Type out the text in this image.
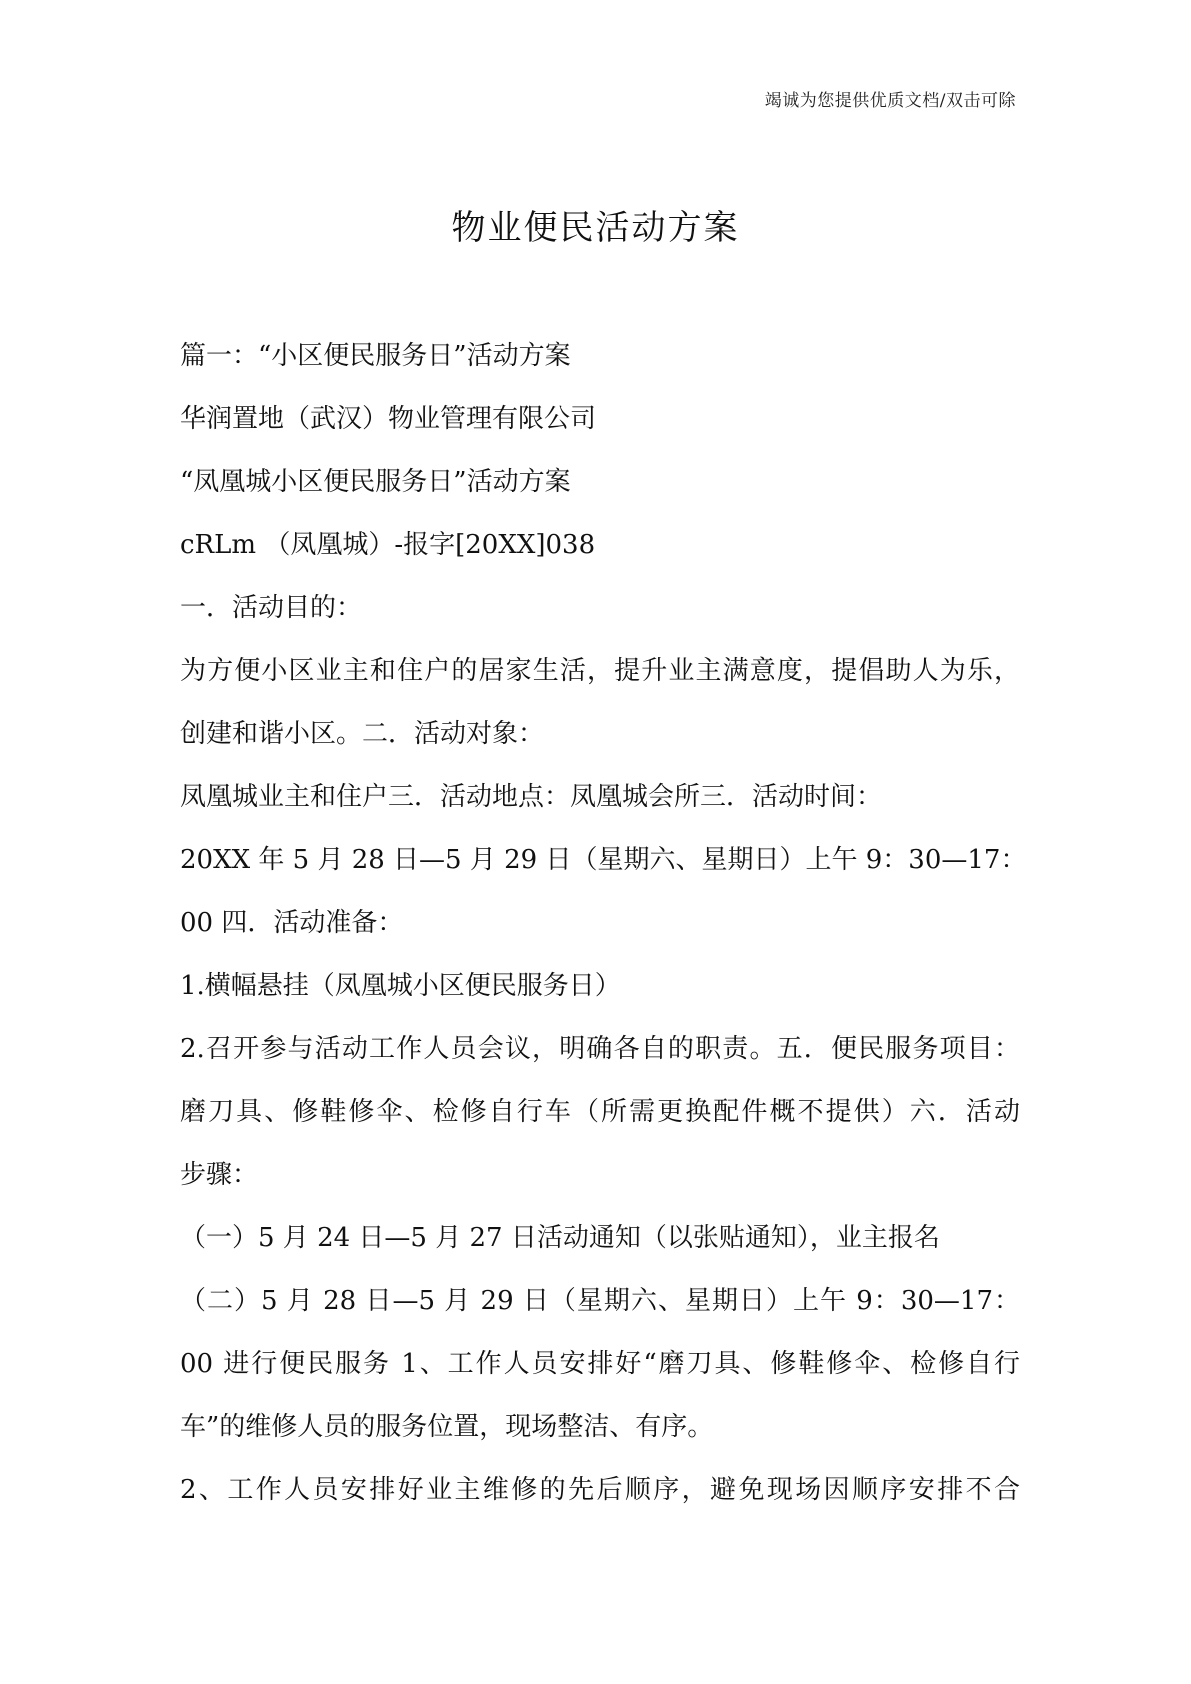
竭诚为您提供优质文档/双击可除
物业便民活动方案
篇一：“小区便民服务日”活动方案
华润置地（武汉）物业管理有限公司
“凤凰城小区便民服务日”活动方案
cRLm （凤凰城）-报字[20XX]038
一．活动目的：
为方便小区业主和住户的居家生活，提升业主满意度，提倡助人为乐，
创建和谐小区。二．活动对象：
凤凰城业主和住户三．活动地点：凤凰城会所三．活动时间：
20XX 年 5 月 28 日—5 月 29 日（星期六、星期日）上午 9：30—17：
00 四．活动准备：
1.横幅悬挂（凤凰城小区便民服务日）
2.召开参与活动工作人员会议，明确各自的职责。五．便民服务项目：
磨刀具、修鞋修伞、检修自行车（所需更换配件概不提供）六．活动
步骤：
（一）5 月 24 日—5 月 27 日活动通知（以张贴通知），业主报名
（二）5 月 28 日—5 月 29 日（星期六、星期日）上午 9：30—17：
00 进行便民服务 1、工作人员安排好“磨刀具、修鞋修伞、检修自行
车”的维修人员的服务位置，现场整洁、有序。
2、工作人员安排好业主维修的先后顺序，避免现场因顺序安排不合
